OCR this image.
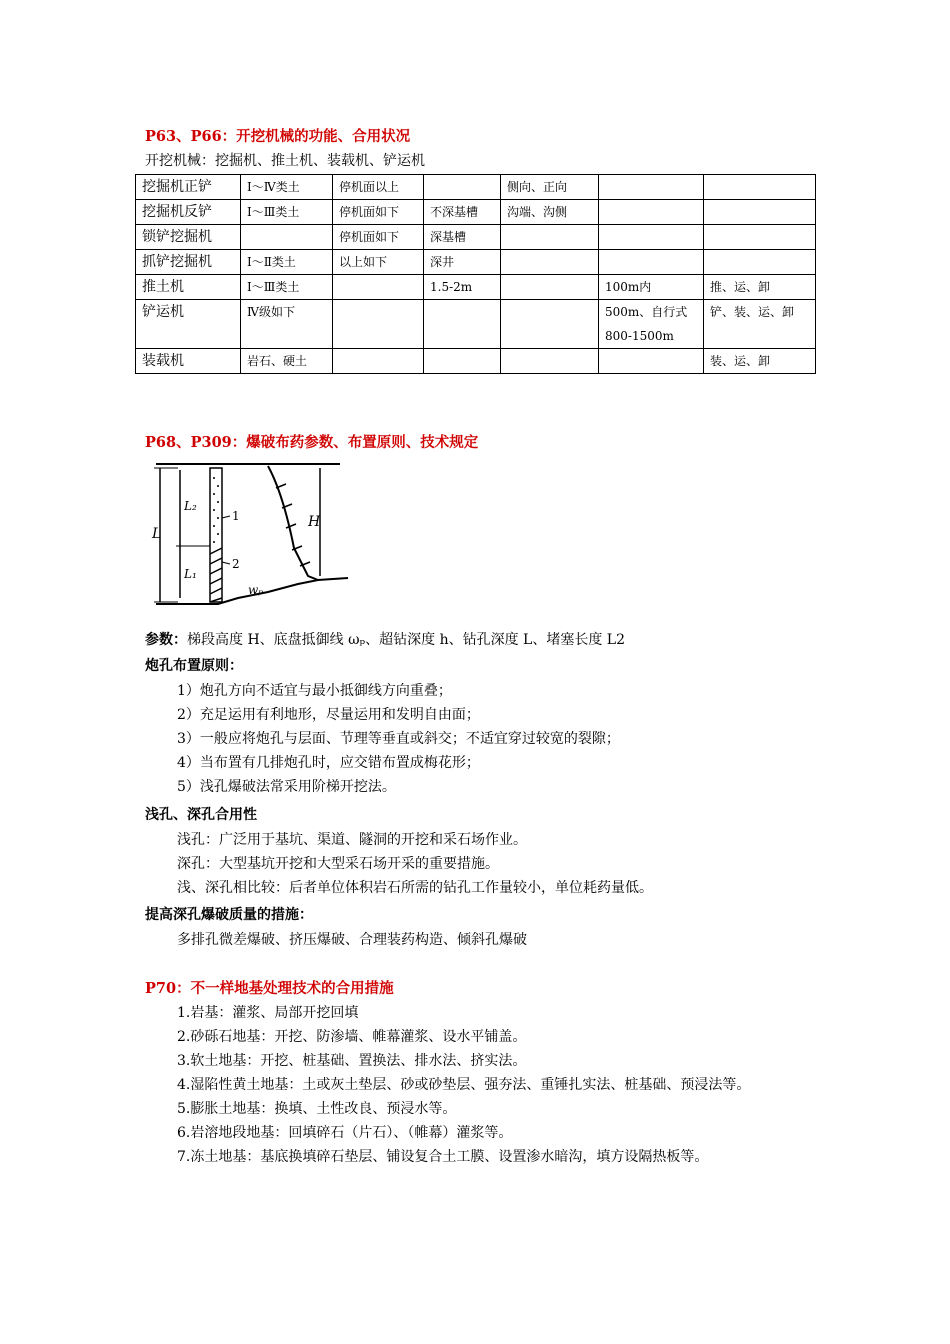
P63、P66：开挖机械的功能、合用状况
开挖机械：挖掘机、推土机、装载机、铲运机
挖掘机正铲	Ⅰ～Ⅳ类土	停机面以上		侧向、正向		
挖掘机反铲	Ⅰ～Ⅲ类土	停机面如下	不深基槽	沟端、沟侧		
锁铲挖掘机		停机面如下	深基槽			
抓铲挖掘机	Ⅰ～Ⅱ类土	以上如下	深井			
推土机	Ⅰ～Ⅲ类土		1.5-2m		100m内	推、运、卸
铲运机	Ⅳ级如下				500m、自行式800-1500m	铲、装、运、卸
装载机	岩石、硬土					装、运、卸
P68、P309：爆破布药参数、布置原则、技术规定
L
L₂
L₁
H
1
2
wₚ
参数：梯段高度 H、底盘抵御线 ωₚ、超钻深度 h、钻孔深度 L、堵塞长度 L2
炮孔布置原则：
1）炮孔方向不适宜与最小抵御线方向重叠；
2）充足运用有利地形，尽量运用和发明自由面；
3）一般应将炮孔与层面、节理等垂直或斜交；不适宜穿过较宽的裂隙；
4）当布置有几排炮孔时，应交错布置成梅花形；
5）浅孔爆破法常采用阶梯开挖法。
浅孔、深孔合用性
浅孔：广泛用于基坑、渠道、隧洞的开挖和采石场作业。
深孔：大型基坑开挖和大型采石场开采的重要措施。
浅、深孔相比较：后者单位体积岩石所需的钻孔工作量较小，单位耗药量低。
提高深孔爆破质量的措施：
多排孔微差爆破、挤压爆破、合理装药构造、倾斜孔爆破
P70：不一样地基处理技术的合用措施
1.岩基：灌浆、局部开挖回填
2.砂砾石地基：开挖、防渗墙、帷幕灌浆、设水平铺盖。
3.软土地基：开挖、桩基础、置换法、排水法、挤实法。
4.湿陷性黄土地基：土或灰土垫层、砂或砂垫层、强夯法、重锤扎实法、桩基础、预浸法等。
5.膨胀土地基：换填、土性改良、预浸水等。
6.岩溶地段地基：回填碎石（片石）、（帷幕）灌浆等。
7.冻土地基：基底换填碎石垫层、铺设复合土工膜、设置渗水暗沟，填方设隔热板等。
